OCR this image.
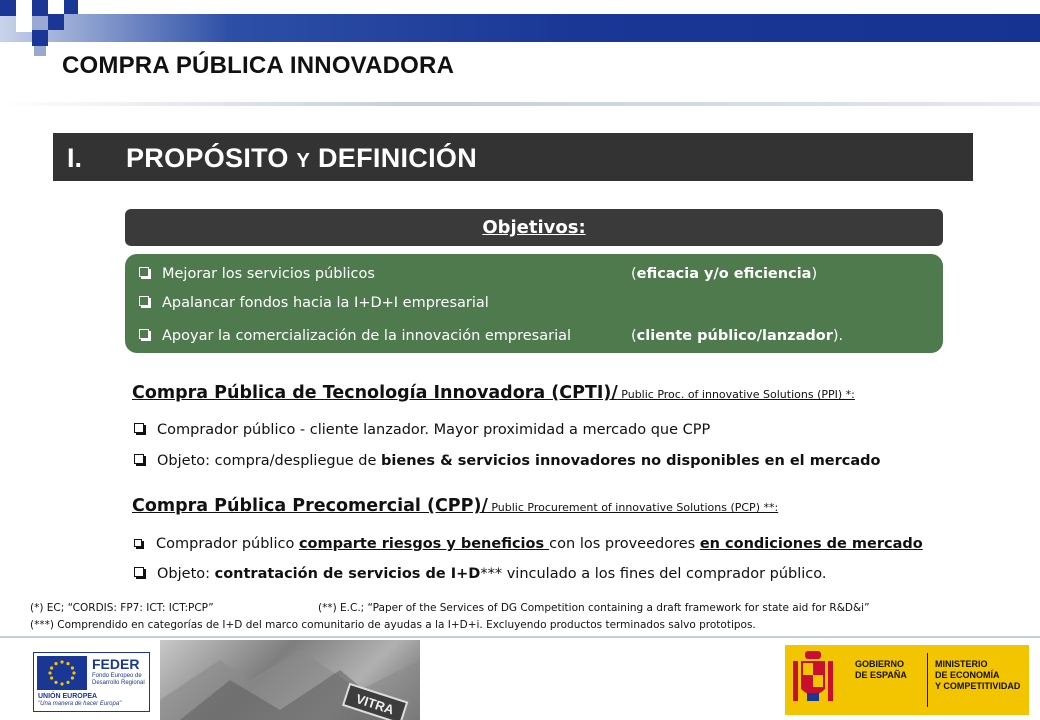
COMPRA PÚBLICA INNOVADORA
I. PROPÓSITO Y DEFINICIÓN
Objetivos:
Mejorar los servicios públicos	(eficacia y/o eficiencia)
Apalancar fondos hacia la I+D+I empresarial
Apoyar la comercialización de la innovación empresarial	(cliente público/lanzador).
Compra Pública de Tecnología Innovadora (CPTI)/ Public Proc. of innovative Solutions (PPI) *:
Comprador público - cliente lanzador. Mayor proximidad a mercado que CPP
Objeto: compra/despliegue de bienes & servicios innovadores no disponibles en el mercado
Compra Pública Precomercial (CPP)/ Public Procurement of innovative Solutions (PCP) **:
Comprador público comparte riesgos y beneficios con los proveedores en condiciones de mercado
Objeto: contratación de servicios de I+D*** vinculado a los fines del comprador público.
(*) EC; “CORDIS: FP7: ICT: ICT:PCP”	(**) E.C.; “Paper of the Services of DG Competition containing a draft framework for state aid for R&D&i”
(***) Comprendido en categorías de I+D del marco comunitario de ayudas a la I+D+i. Excluyendo productos terminados salvo prototipos.
FEDER
Fondo Europeo de
Desarrollo Regional
UNIÓN EUROPEA
"Una manera de hacer Europa"	VITRA
GOBIERNO
DE ESPAÑA
MINISTERIO
DE ECONOMÍA
Y COMPETITIVIDAD
